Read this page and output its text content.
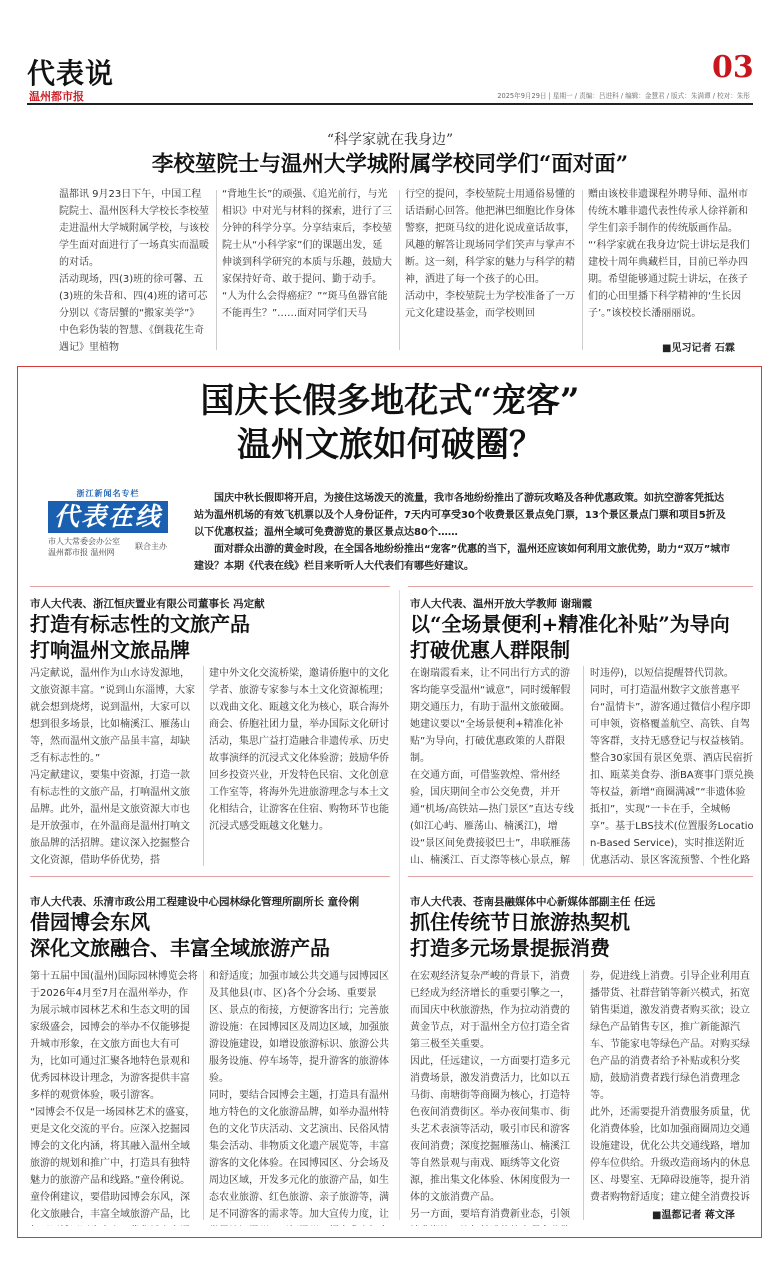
代表说
温州都市报
03
2025年9月29日 | 星期一 / 责编：吕进科 / 编辑：金慧君 / 版式：朱满谭 / 校对：朱彤
“科学家就在我身边”
李校堃院士与温州大学城附属学校同学们“面对面”
温都讯 9月23日下午，中国工程院院士、温州医科大学校长李校堃走进温州大学城附属学校，与该校学生面对面进行了一场真实而温暖的对话。
活动现场，四(3)班的徐可馨、五(3)班的朱昔和、四(4)班的诸可芯分别以《寄居蟹的“搬家美学”》中色彩伪装的智慧、《倒栽花生奇遇记》里植物
“背地生长”的顽强、《追光前行，与光相识》中对光与材料的探索，进行了三分钟的科学分享。分享结束后，李校堃院士从“小科学家”们的课题出发，延伸谈到科学研究的本质与乐趣，鼓励大家保持好奇、敢于提问、勤于动手。
“人为什么会得癌症？”“斑马鱼器官能不能再生？”……面对同学们天马
行空的提问，李校堃院士用通俗易懂的话语耐心回答。他把淋巴细胞比作身体警察，把斑马纹的进化说成童话故事，风趣的解答让现场同学们笑声与掌声不断。这一刻，科学家的魅力与科学的精神，洒进了每一个孩子的心田。
活动中，李校堃院士为学校准备了一万元文化建设基金，而学校则回
赠由该校非遗课程外聘导师、温州市传统木雕非遗代表性传承人徐祥新和学生们亲手制作的传统版画作品。
“‘科学家就在我身边’院士讲坛是我们建校十周年典藏栏目，目前已举办四期。希望能够通过院士讲坛，在孩子们的心田里播下科学精神的‘生长因子’。”该校校长潘丽丽说。
■见习记者 石霖
国庆长假多地花式“宠客”
温州文旅如何破圈？
浙江新闻名专栏
代表在线
市人大常委会办公室
温州都市报 温州网
联合主办
国庆中秋长假即将开启，为接住这场泼天的流量，我市各地纷纷推出了游玩攻略及各种优惠政策。如抗空游客凭抵达站为温州机场的有效飞机票以及个人身份证件，7天内可享受30个收费景区景点免门票，13个景区景点门票和项目5折及以下优惠权益；温州全域可免费游览的景区景点达80个……
面对群众出游的黄金时段，在全国各地纷纷推出“宠客”优惠的当下，温州还应该如何利用文旅优势，助力“双万”城市建设？本期《代表在线》栏目来听听人大代表们有哪些好建议。
市人大代表、浙江恒庆置业有限公司董事长 冯定献
打造有标志性的文旅产品
打响温州文旅品牌
冯定献说，温州作为山水诗发源地，文旅资源丰富。“说到山东淄博，大家就会想到烧烤，说到温州，大家可以想到很多场景，比如楠溪江、雁荡山等，然而温州文旅产品虽丰富，却缺乏有标志性的。”
冯定献建议，要集中资源，打造一款有标志性的文旅产品，打响温州文旅品牌。此外，温州是文旅资源大市也是开放强市，在外温商是温州打响文旅品牌的活招牌。建议深入挖掘整合文化资源，借助华侨优势，搭
建中外文化交流桥梁，邀请侨胞中的文化学者、旅游专家参与本土文化资源梳理；以戏曲文化、瓯越文化为核心，联合海外商会、侨胞社团力量，举办国际文化研讨活动，集思广益打造融合非遗传承、历史故事演绎的沉浸式文化体验游；鼓励华侨回乡投资兴业，开发特色民宿、文化创意工作室等，将海外先进旅游理念与本土文化相结合，让游客在住宿、购物环节也能沉浸式感受瓯越文化魅力。
市人大代表、温州开放大学教师 谢瑞霞
以“全场景便利+精准化补贴”为导向
打破优惠人群限制
在谢瑞霞看来，让不同出行方式的游客均能享受温州“诚意”，同时缓解假期交通压力，有助于温州文旅破圈。她建议要以“全场景便利+精准化补贴”为导向，打破优惠政策的人群限制。
在交通方面，可借鉴敦煌、常州经验，国庆期间全市公交免费，并开通“机场/高铁站—热门景区”直达专线(如江心屿、雁荡山、楠溪江)，增设“景区间免费接驳巴士”，串联雁荡山、楠溪江、百丈漈等核心景点，解
时违停)，以短信提醒替代罚款。
同时，可打造温州数字文旅普惠平台“温情卡”，游客通过微信小程序即可申领，资格覆盖航空、高铁、自驾等客群，支持无感登记与权益核销。整合30家国有景区免票、酒店民宿折扣、瓯菜美食券、浙BA赛事门票兑换等权益，新增“商圈满减”“非遗体验抵扣”，实现“一卡在手，全城畅享”。基于LBS技术(位置服务Location-Based Service)，实时推送附近优惠活动、景区客流预警、个性化路
市人大代表、乐清市政公用工程建设中心园林绿化管理所副所长 童伶俐
借园博会东风
深化文旅融合、丰富全域旅游产品
第十五届中国(温州)国际园林博览会将于2026年4月至7月在温州举办，作为展示城市园林艺术和生态文明的国家级盛会，园博会的举办不仅能够提升城市形象，在文旅方面也大有可为，比如可通过汇聚各地特色景观和优秀园林设计理念，为游客提供丰富多样的观赏体验，吸引游客。
“园博会不仅是一场园林艺术的盛宴，更是文化交流的平台。应深入挖掘园博会的文化内涵，将其融入温州全域旅游的规划和推广中，打造具有独特魅力的旅游产品和线路。”童伶俐说。
童伶俐建议，要借助园博会东风，深化文旅融合，丰富全域旅游产品，比
和舒适度；加强市域公共交通与园博园区及其他县(市、区)各个分会场、重要景区、景点的衔接，方便游客出行；完善旅游设施：在园博园区及周边区域，加强旅游设施建设，如增设旅游标识、旅游公共服务设施、停车场等，提升游客的旅游体验。
同时，要结合园博会主题，打造具有温州地方特色的文化旅游品牌，如举办温州特色的文化节庆活动、文艺演出、民俗风情集会活动、非物质文化遗产展览等，丰富游客的文化体验。在园博园区、分会场及周边区域，开发多元化的旅游产品，如生态农业旅游、红色旅游、亲子旅游等，满足不同游客的需求等。加大宣传力度，让
市人大代表、苍南县融媒体中心新媒体部副主任 任远
抓住传统节日旅游热契机
打造多元场景提振消费
在宏观经济复杂严峻的背景下，消费已经成为经济增长的重要引擎之一，而国庆中秋旅游热，作为拉动消费的黄金节点，对于温州全方位打造全省第三极至关重要。
因此，任远建议，一方面要打造多元消费场景，激发消费活力，比如以五马街、南塘街等商圈为核心，打造特色夜间消费街区。举办夜间集市、街头艺术表演等活动，吸引市民和游客夜间消费；深度挖掘雁荡山、楠溪江等自然景观与南戏、瓯绣等文化资源，推出集文化体验、休闲度假为一体的文旅消费产品。
另一方面，要培育消费新业态，引领
券，促进线上消费。引导企业利用直播带货、社群营销等新兴模式，拓宽销售渠道，激发消费者购买欲；设立绿色产品销售专区，推广新能源汽车、节能家电等绿色产品。对购买绿色产品的消费者给予补贴或积分奖励，鼓励消费者践行绿色消费理念等。
此外，还需要提升消费服务质量，优化消费体验，比如加强商圈周边交通设施建设，优化公共交通线路，增加停车位供给。升级改造商场内的休息区、母婴室、无障碍设施等，提升消费者购物舒适度；建立健全消费投诉
■温都记者 蒋文泽
